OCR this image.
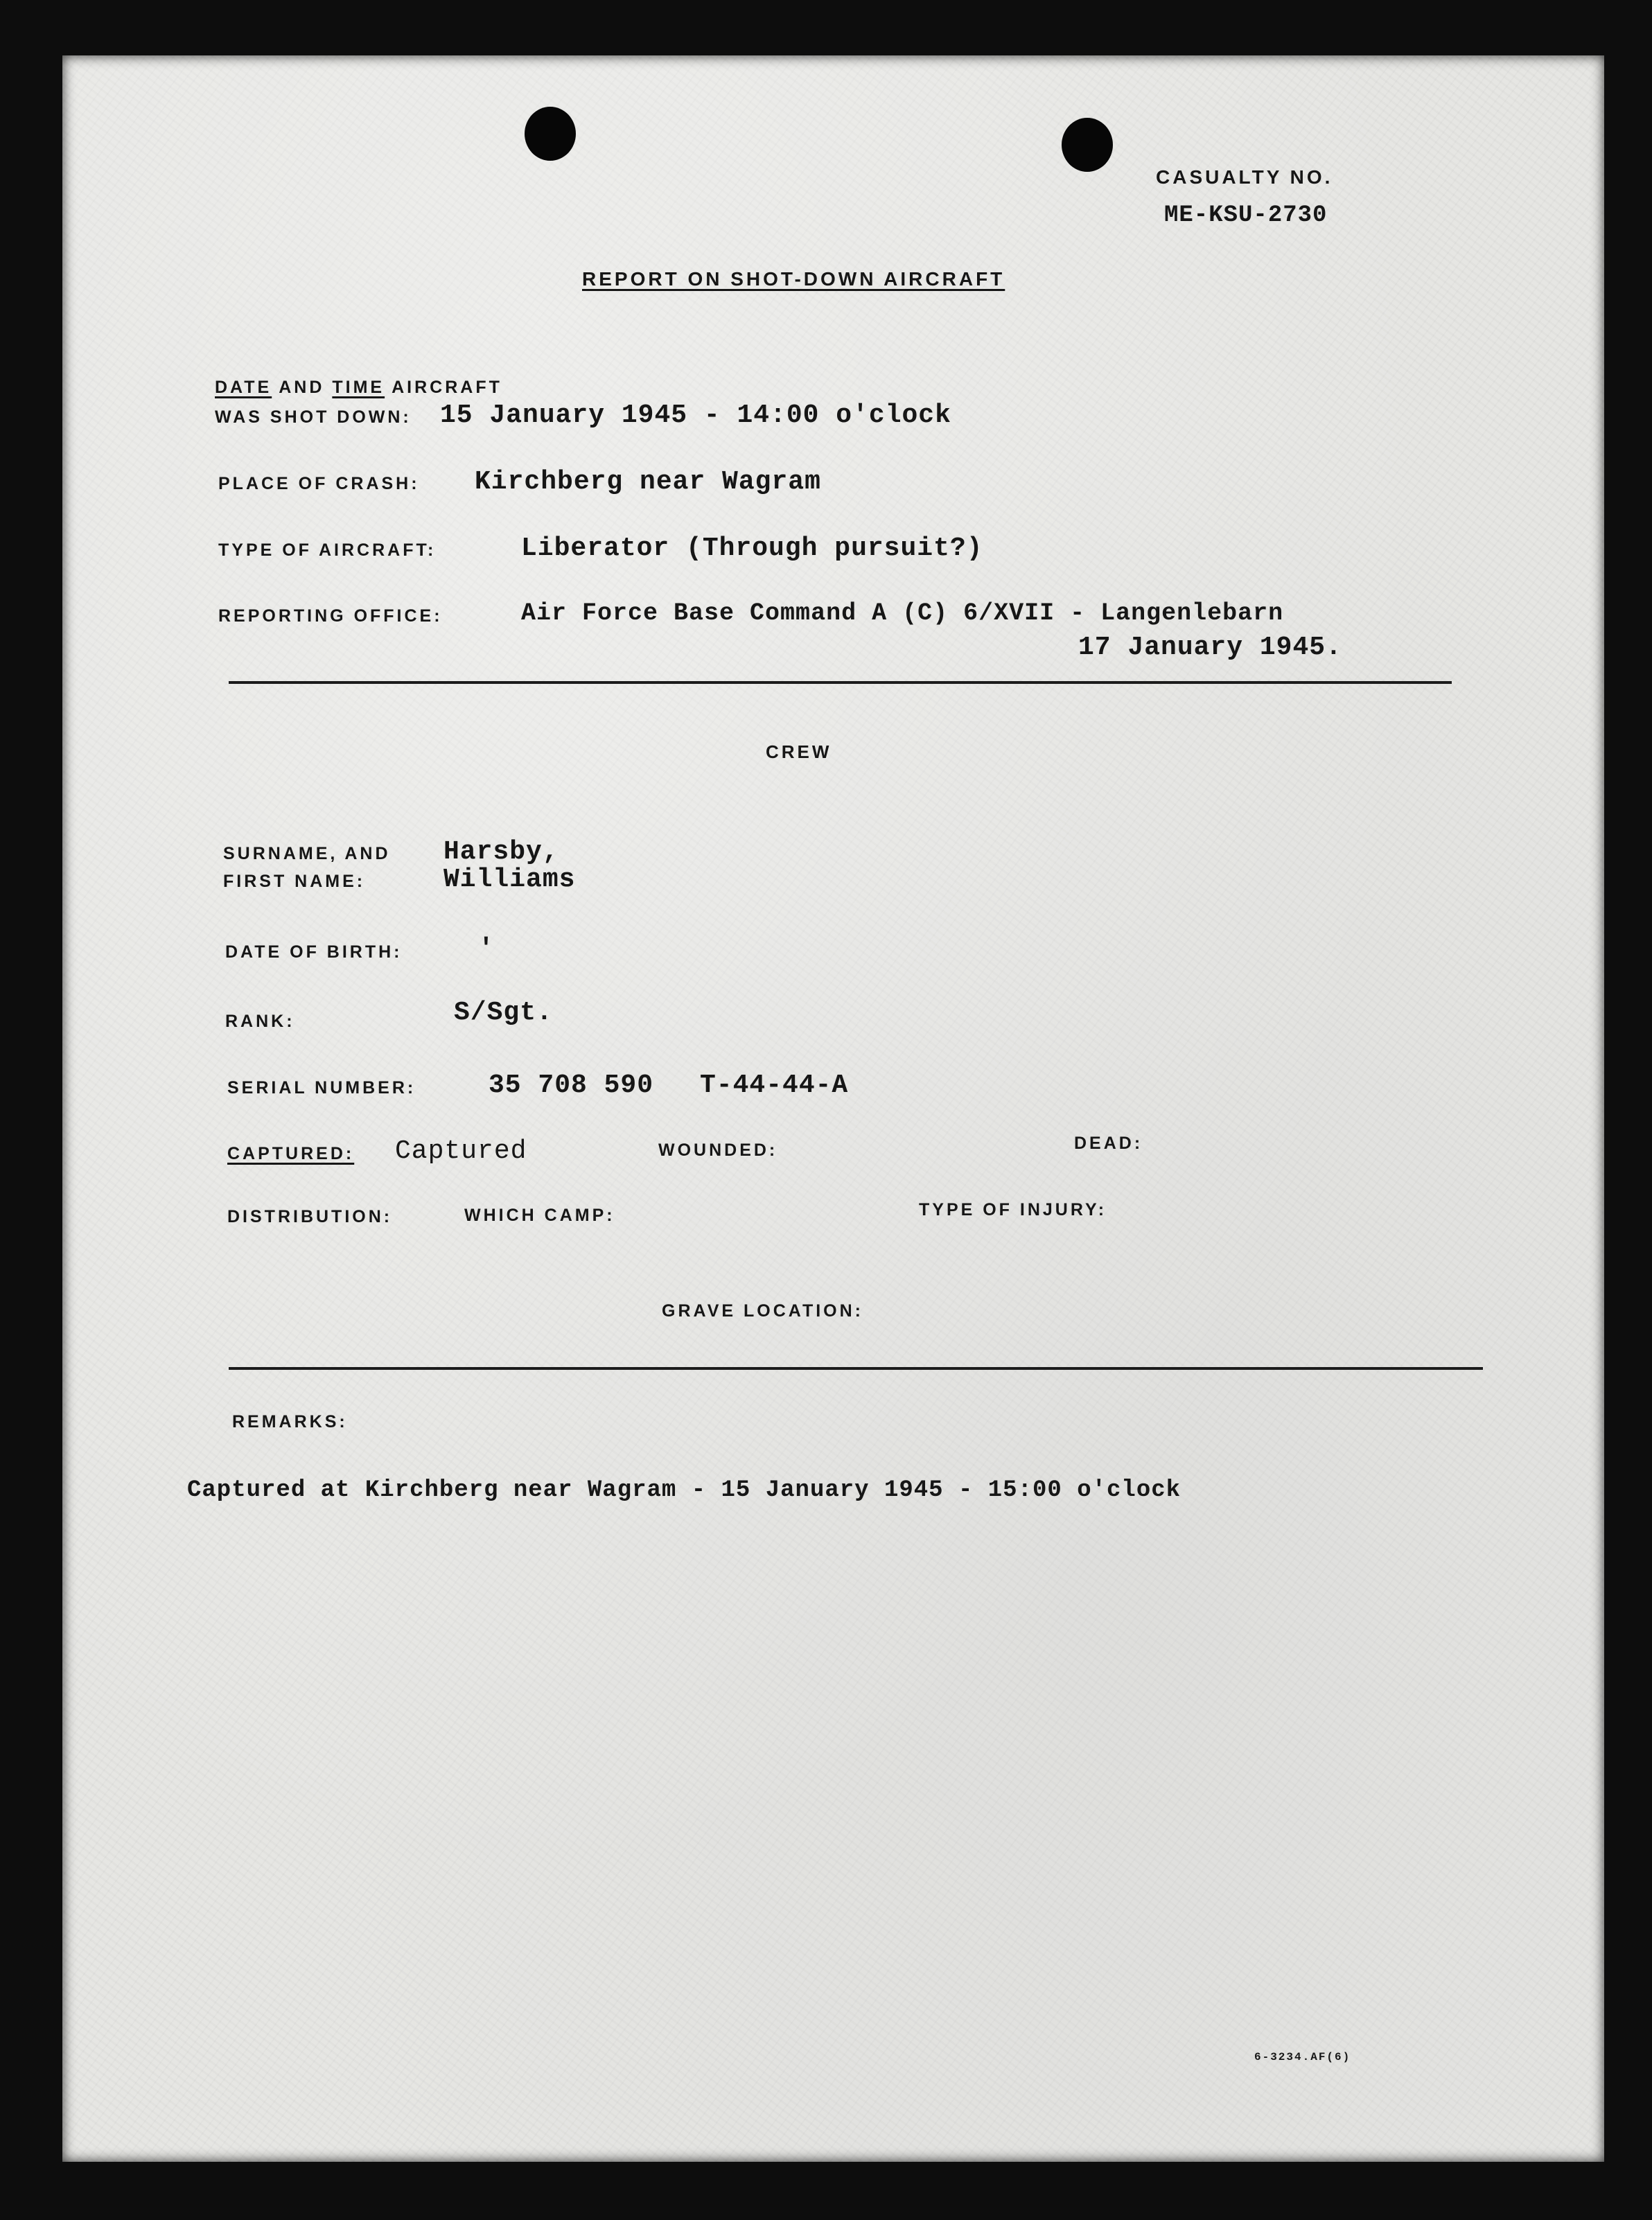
CASUALTY NO.
ME-KSU-2730
REPORT ON SHOT-DOWN AIRCRAFT
DATE AND TIME AIRCRAFT
WAS SHOT DOWN: 15 January 1945 - 14:00 o'clock
PLACE OF CRASH: Kirchberg near Wagram
TYPE OF AIRCRAFT:	Liberator (Through pursuit?)
REPORTING OFFICE:	Air Force Base Command A (C) 6/XVII - Langenlebarn
17 January 1945.
CREW
SURNAME, AND
FIRST NAME:
Harsby,
Williams
DATE OF BIRTH:	'
RANK:	S/Sgt.
SERIAL NUMBER:	35 708 590 T-44-44-A
CAPTURED: Captured	WOUNDED:	DEAD:
DISTRIBUTION:	WHICH CAMP:	TYPE OF INJURY:
GRAVE LOCATION:
REMARKS:
Captured at Kirchberg near Wagram - 15 January 1945 - 15:00 o'clock
6-3234.AF(6)
